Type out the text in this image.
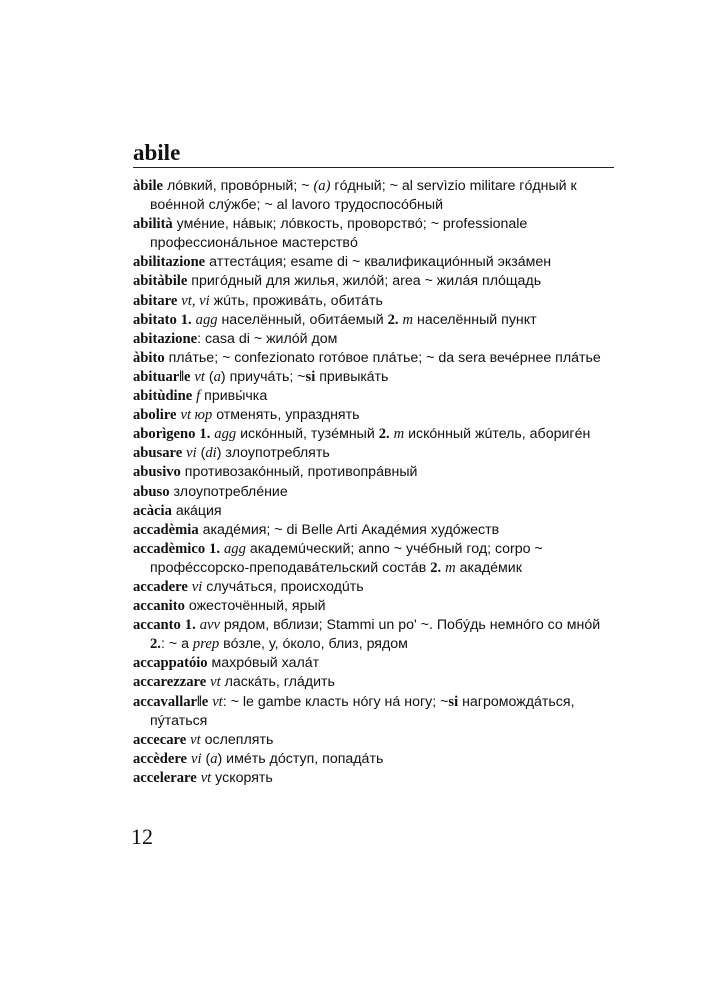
abile

àbile лóвкий, провóрный; ~ (a) гóдный; ~ al servìzio militare гóдный к воéнной слýжбе; ~ al lavoro трудоспосóбный

abilità умéние, нáвык; лóвкость, проворствó; ~ professionale профессионáльное мастерствó

abilitazione аттестáция; esame di ~ квалификациóнный экзáмен

abitàbile пригóдный для жилья, жилóй; area ~ жилáя плóщадь

abitare vt, vi жúть, проживáть, обитáть

abitato 1. agg населённый, обитáемый 2. m населённый пункт

abitazione: casa di ~ жилóй дом

àbito плáтье; ~ confezionato готóвое плáтье; ~ da sera вечéрнее плáтье

abituar‖e vt (a) приучáть; ~si привыкáть

abitùdine f привы́чка

abolire vt юр отменять, упразднять

aborìgeno 1. agg искóнный, тузéмный 2. m искóнный жúтель, аборигéн

abusare vi (di) злоупотреблять

abusivo противозакóнный, противопрáвный

abuso злоупотреблéние

acàcia акáция

accadèmia акадéмия; ~ di Belle Arti Акадéмия худóжеств

accadèmico 1. agg академúческий; anno ~ учéбный год; corpo ~ профéссорско-преподавáтельский состáв 2. m акадéмик

accadere vi случáться, происходúть

accanito ожесточённый, ярый

accanto 1. avv рядом, вблизи; Stammi un po' ~. Побýдь немнóго со мнóй 2.: ~ a prep вóзле, у, óколо, близ, рядом

accappatóio махрóвый халáт

accarezzare vt ласкáть, глáдить

accavallar‖e vt: ~ le gambe класть нóгу нá ногу; ~si нагромождáться, пýтаться

accecare vt ослеплять

accèdere vi (a) имéть дóступ, попадáть

accelerare vt ускорять

12
